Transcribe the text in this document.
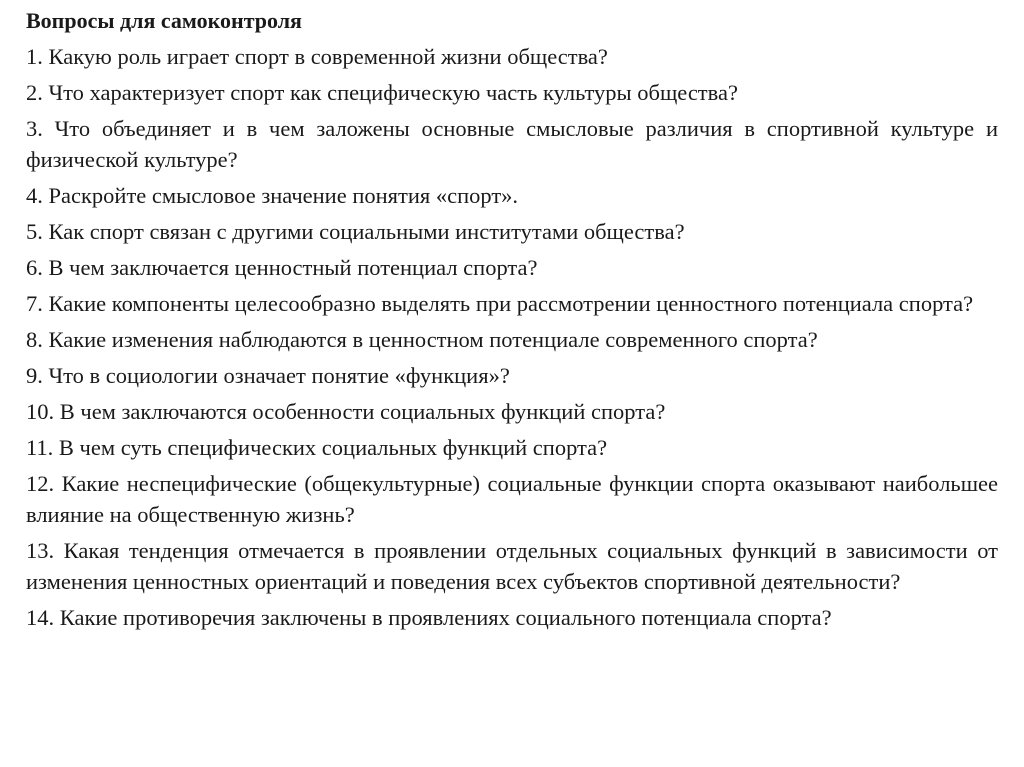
Вопросы для самоконтроля
1. Какую роль играет спорт в современной жизни общества?
2. Что характеризует спорт как специфическую часть культуры общества?
3. Что объединяет и в чем заложены основные смысловые различия в спортивной культуре и физической культуре?
4. Раскройте смысловое значение понятия «спорт».
5. Как спорт связан с другими социальными институтами общества?
6. В чем заключается ценностный потенциал спорта?
7. Какие компоненты целесообразно выделять при рассмотрении ценностного потенциала спорта?
8. Какие изменения наблюдаются в ценностном потенциале современного спорта?
9. Что в социологии означает понятие «функция»?
10. В чем заключаются особенности социальных функций спорта?
11. В чем суть специфических социальных функций спорта?
12. Какие неспецифические (общекультурные) социальные функции спорта оказывают наибольшее влияние на общественную жизнь?
13. Какая тенденция отмечается в проявлении отдельных социальных функций в зависимости от изменения ценностных ориентаций и поведения всех субъектов спортивной деятельности?
14. Какие противоречия заключены в проявлениях социального потенциала спорта?
